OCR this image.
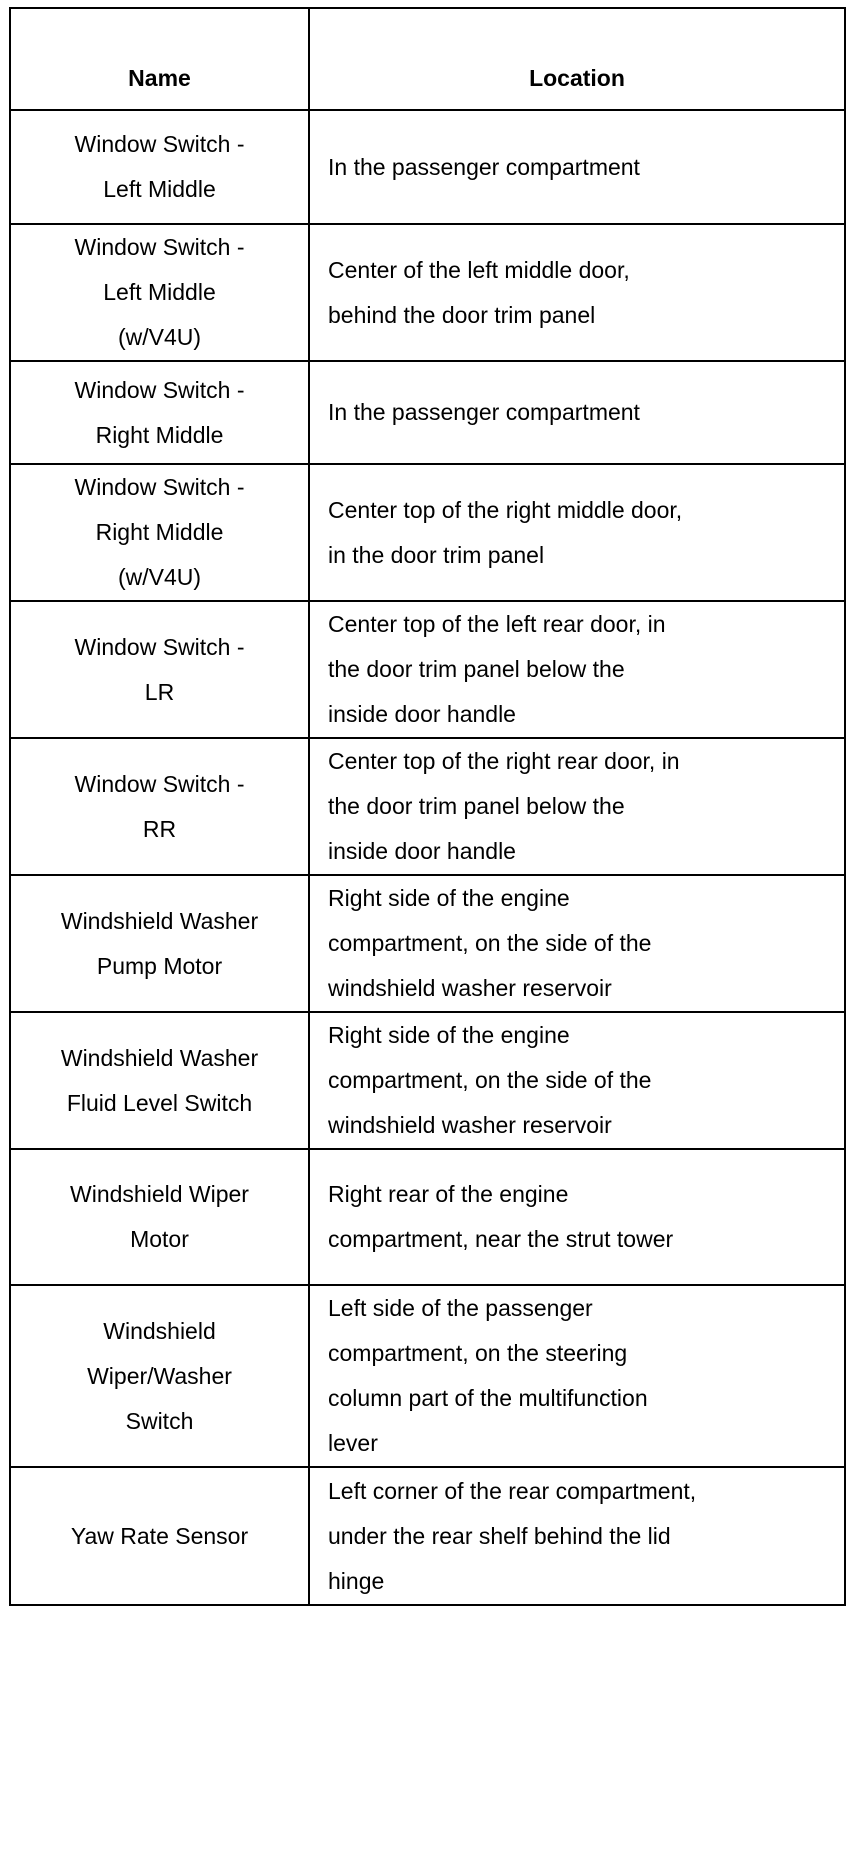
Name	Location

Window Switch -
Left Middle	In the passenger compartment

Window Switch -
Left Middle
(w/V4U)	Center of the left middle door,
behind the door trim panel

Window Switch -
Right Middle	In the passenger compartment

Window Switch -
Right Middle
(w/V4U)	Center top of the right middle door,
in the door trim panel

Window Switch -
LR	Center top of the left rear door, in
the door trim panel below the
inside door handle

Window Switch -
RR	Center top of the right rear door, in
the door trim panel below the
inside door handle

Windshield Washer
Pump Motor	Right side of the engine
compartment, on the side of the
windshield washer reservoir

Windshield Washer
Fluid Level Switch	Right side of the engine
compartment, on the side of the
windshield washer reservoir

Windshield Wiper
Motor	Right rear of the engine
compartment, near the strut tower

Windshield
Wiper/Washer
Switch	Left side of the passenger
compartment, on the steering
column part of the multifunction
lever

Yaw Rate Sensor	Left corner of the rear compartment,
under the rear shelf behind the lid
hinge
